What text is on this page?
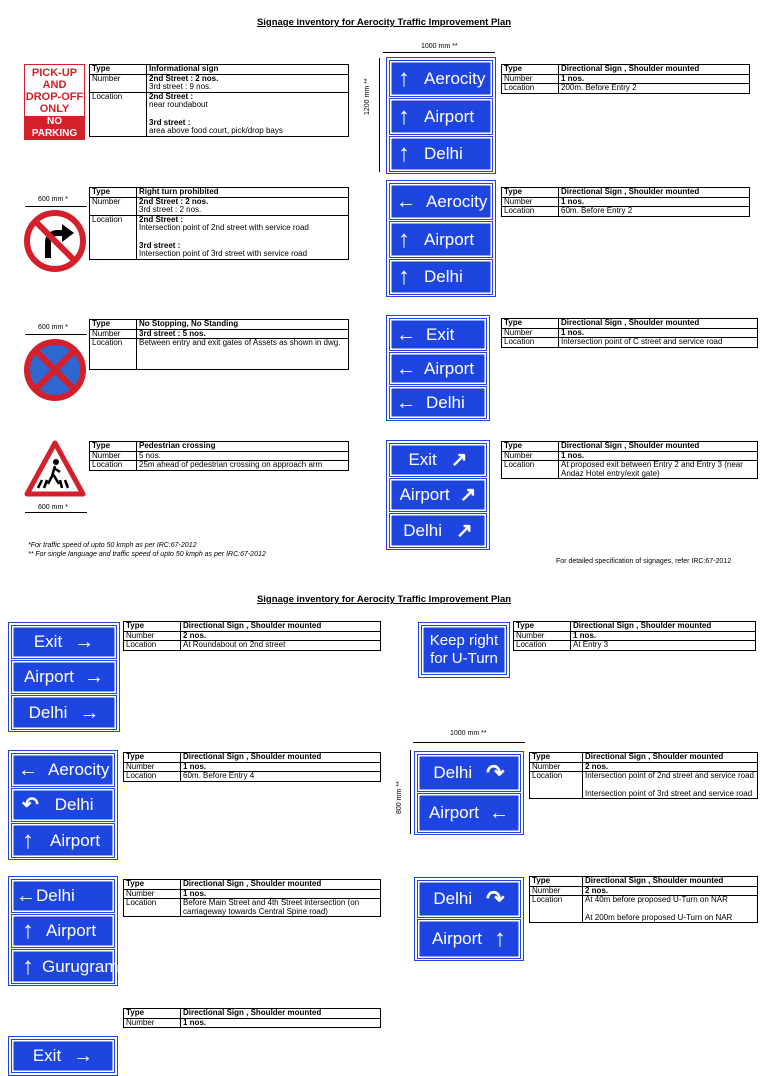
Signage inventory for Aerocity Traffic Improvement Plan
PICK-UP
AND
DROP-OFF
ONLY
NO PARKING
Type	Informational sign
Number	2nd Street : 2 nos.
3rd street : 9 nos.

Location	2nd Street :
near roundabout
3rd street :
area above food court, pick/drop bays
1000 mm **
1200 mm **
↑ Aerocity
↑ Airport
↑ Delhi
Type	Directional Sign , Shoulder mounted
Number	1 nos.
Location	200m. Before Entry 2
600 mm *
Type	Right turn prohibited
Number	2nd Street : 2 nos.
3rd street : 2 nos.

Location	2nd Street :
Intersection point of 2nd street with service road
3rd street :
Intersection point of 3rd street with service road
← Aerocity
↑ Airport
↑ Delhi
Type	Directional Sign , Shoulder mounted
Number	1 nos.
Location	60m. Before Entry 2
600 mm *	Type	No Stopping, No Standing
Number	3rd street : 5 nos.
Location	Between entry and exit gates of Assets as shown in dwg.	← Exit
← Airport
← Delhi
Type	Directional Sign , Shoulder mounted
Number	1 nos.
Location	Intersection point of C street and service road
600 mm *
Type	Pedestrian crossing
Number	5 nos.
Location	25m ahead of pedestrian crossing on approach arm	Exit ↗
Airport ↗
Delhi ↗
Type	Directional Sign , Shoulder mounted
Number	1 nos.
Location	At proposed exit between Entry 2 and Entry 3 (near Andaz Hotel entry/exit gate)
*For traffic speed of upto 50 kmph as per IRC:67-2012
** For single language and traffic speed of upto 50 kmph as per IRC:67-2012
For detailed specification of signages, refer IRC:67-2012
Signage inventory for Aerocity Traffic Improvement Plan
Exit →
Airport →
Delhi →
Type	Directional Sign , Shoulder mounted
Number	2 nos.
Location	At Roundabout on 2nd street	Keep right
for U-Turn
Type	Directional Sign , Shoulder mounted
Number	1 nos.
Location	At Entry 3
← Aerocity
↶ Delhi
↑ Airport
Type	Directional Sign , Shoulder mounted
Number	1 nos.
Location	60m. Before Entry 4
1000 mm **
800 mm **
Delhi ↷
Airport ←
Type	Directional Sign , Shoulder mounted
Number	2 nos.
Location	Intersection point of 2nd street and service road
Intersection point of 3rd street and service road
← Delhi
↑ Airport
↑ Gurugram
Type	Directional Sign , Shoulder mounted
Number	1 nos.
Location	Before Main Street and 4th Street intersection (on carriageway towards Central Spine road)
Delhi ↷
Airport ↑
Type	Directional Sign , Shoulder mounted
Number	2 nos.
Location	At 40m before proposed U-Turn on NAR
At 200m before proposed U-Turn on NAR
Exit →
Type	Directional Sign , Shoulder mounted
Number	1 nos.
